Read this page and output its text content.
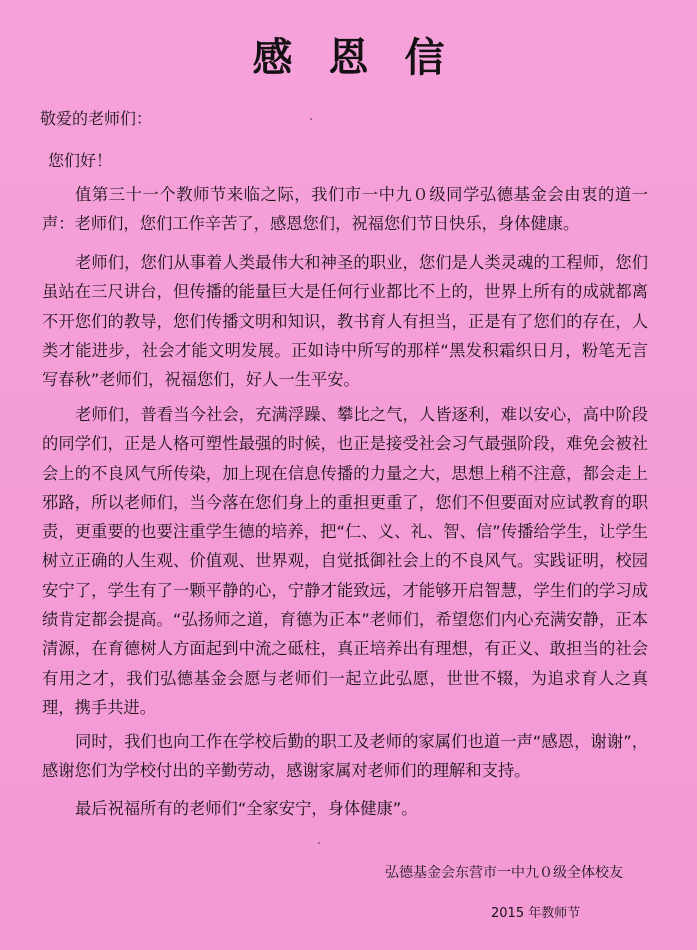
感恩信
敬爱的老师们：
您们好！

值第三十一个教师节来临之际，我们市一中九０级同学弘德基金会由衷的道一声：老师们，您们工作辛苦了，感恩您们，祝福您们节日快乐，身体健康。

老师们，您们从事着人类最伟大和神圣的职业，您们是人类灵魂的工程师，您们虽站在三尺讲台，但传播的能量巨大是任何行业都比不上的，世界上所有的成就都离不开您们的教导，您们传播文明和知识，教书育人有担当，正是有了您们的存在，人类才能进步，社会才能文明发展。正如诗中所写的那样“黑发积霜织日月，粉笔无言写春秋”老师们，祝福您们，好人一生平安。

老师们，普看当今社会，充满浮躁、攀比之气，人皆逐利，难以安心，高中阶段的同学们，正是人格可塑性最强的时候，也正是接受社会习气最强阶段，难免会被社会上的不良风气所传染，加上现在信息传播的力量之大，思想上稍不注意，都会走上邪路，所以老师们，当今落在您们身上的重担更重了，您们不但要面对应试教育的职责，更重要的也要注重学生德的培养，把“仁、义、礼、智、信”传播给学生，让学生树立正确的人生观、价值观、世界观，自觉抵御社会上的不良风气。实践证明，校园安宁了，学生有了一颗平静的心，宁静才能致远，才能够开启智慧，学生们的学习成绩肯定都会提高。“弘扬师之道，育德为正本”老师们，希望您们内心充满安静，正本清源，在育德树人方面起到中流之砥柱，真正培养出有理想，有正义、敢担当的社会有用之才，我们弘德基金会愿与老师们一起立此弘愿，世世不辍，为追求育人之真理，携手共进。

同时，我们也向工作在学校后勤的职工及老师的家属们也道一声“感恩，谢谢”，感谢您们为学校付出的辛勤劳动，感谢家属对老师们的理解和支持。

最后祝福所有的老师们“全家安宁，身体健康”。

弘德基金会东营市一中九０级全体校友
2015 年教师节
